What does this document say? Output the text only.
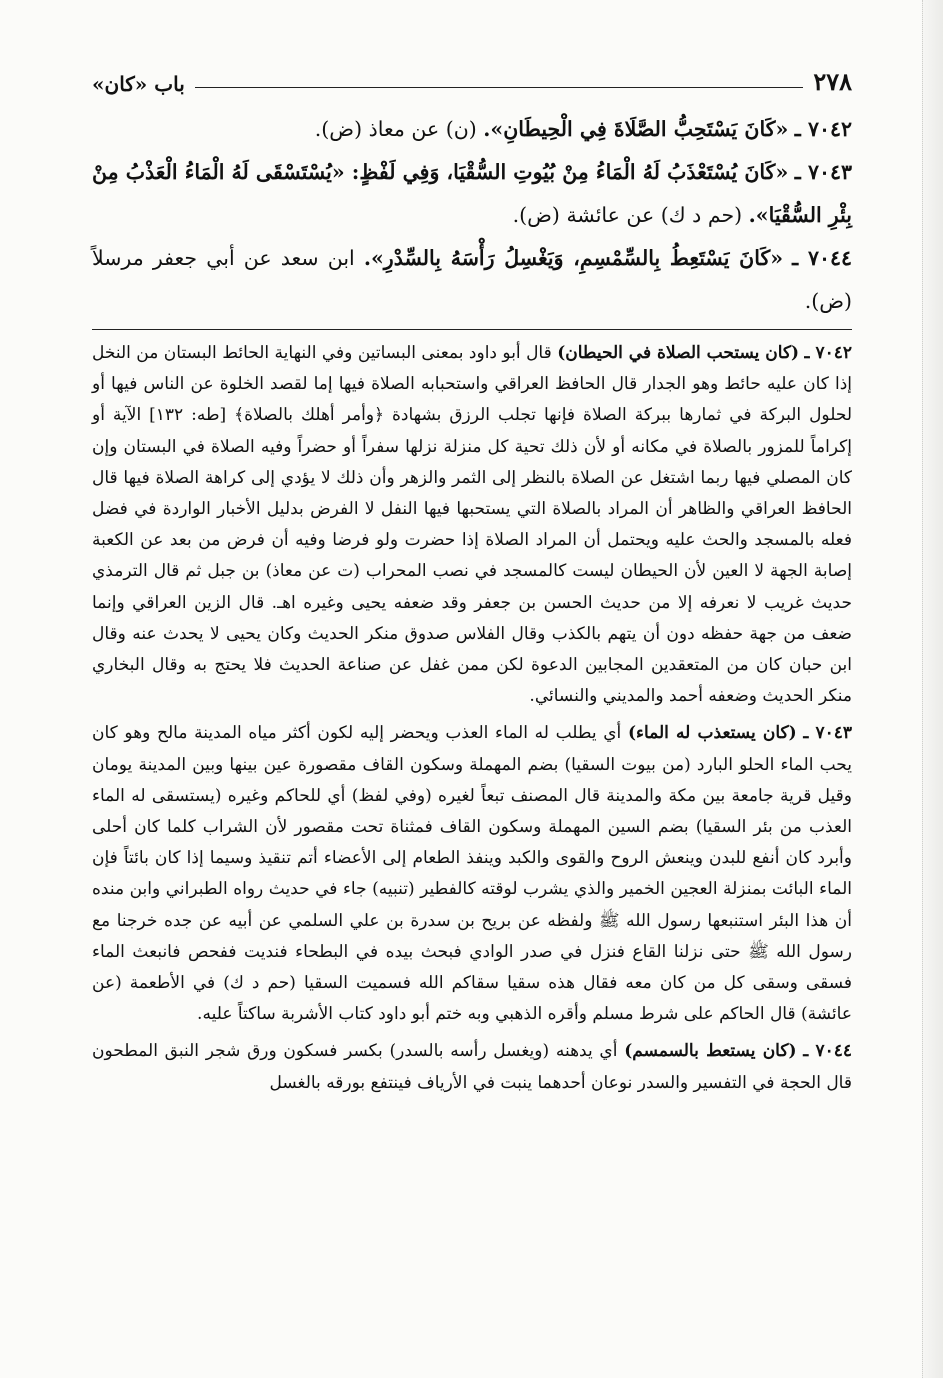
٢٧٨
باب «كان»

٧٠٤٢ ـ «كَانَ يَسْتَحِبُّ الصَّلَاةَ فِي الْحِيطَانِ». (ن) عن معاذ (ض).

٧٠٤٣ ـ «كَانَ يُسْتَعْذَبُ لَهُ الْمَاءُ مِنْ بُيُوتِ السُّقْيَا، وَفِي لَفْظٍ: «يُسْتَسْقَى لَهُ الْمَاءُ الْعَذْبُ مِنْ بِئْرِ السُّقْيَا». (حم د ك) عن عائشة (ض).

٧٠٤٤ ـ «كَانَ يَسْتَعِطُ بِالسِّمْسِمِ، وَيَغْسِلُ رَأْسَهُ بِالسِّدْرِ». ابن سعد عن أبي جعفر مرسلاً (ض).

٧٠٤٢ ـ (كان يستحب الصلاة في الحيطان) قال أبو داود بمعنى البساتين وفي النهاية الحائط البستان من النخل إذا كان عليه حائط وهو الجدار قال الحافظ العراقي واستحبابه الصلاة فيها إما لقصد الخلوة عن الناس فيها أو لحلول البركة في ثمارها ببركة الصلاة فإنها تجلب الرزق بشهادة ﴿وأمر أهلك بالصلاة﴾ [طه: ١٣٢] الآية أو إكراماً للمزور بالصلاة في مكانه أو لأن ذلك تحية كل منزلة نزلها سفراً أو حضراً وفيه الصلاة في البستان وإن كان المصلي فيها ربما اشتغل عن الصلاة بالنظر إلى الثمر والزهر وأن ذلك لا يؤدي إلى كراهة الصلاة فيها قال الحافظ العراقي والظاهر أن المراد بالصلاة التي يستحبها فيها النفل لا الفرض بدليل الأخبار الواردة في فضل فعله بالمسجد والحث عليه ويحتمل أن المراد الصلاة إذا حضرت ولو فرضا وفيه أن فرض من بعد عن الكعبة إصابة الجهة لا العين لأن الحيطان ليست كالمسجد في نصب المحراب (ت عن معاذ) بن جبل ثم قال الترمذي حديث غريب لا نعرفه إلا من حديث الحسن بن جعفر وقد ضعفه يحيى وغيره اهـ. قال الزين العراقي وإنما ضعف من جهة حفظه دون أن يتهم بالكذب وقال الفلاس صدوق منكر الحديث وكان يحيى لا يحدث عنه وقال ابن حبان كان من المتعقدين المجابين الدعوة لكن ممن غفل عن صناعة الحديث فلا يحتج به وقال البخاري منكر الحديث وضعفه أحمد والمديني والنسائي.

٧٠٤٣ ـ (كان يستعذب له الماء) أي يطلب له الماء العذب ويحضر إليه لكون أكثر مياه المدينة مالح وهو كان يحب الماء الحلو البارد (من بيوت السقيا) بضم المهملة وسكون القاف مقصورة عين بينها وبين المدينة يومان وقيل قرية جامعة بين مكة والمدينة قال المصنف تبعاً لغيره (وفي لفظ) أي للحاكم وغيره (يستسقى له الماء العذب من بئر السقيا) بضم السين المهملة وسكون القاف فمثناة تحت مقصور لأن الشراب كلما كان أحلى وأبرد كان أنفع للبدن وينعش الروح والقوى والكبد وينفذ الطعام إلى الأعضاء أتم تنقيذ وسيما إذا كان بائتاً فإن الماء البائت بمنزلة العجين الخمير والذي يشرب لوقته كالفطير (تنبيه) جاء في حديث رواه الطبراني وابن منده أن هذا البئر استنبعها رسول الله ﷺ ولفظه عن بريح بن سدرة بن علي السلمي عن أبيه عن جده خرجنا مع رسول الله ﷺ حتى نزلنا القاع فنزل في صدر الوادي فبحث بيده في البطحاء فنديت ففحص فانبعث الماء فسقى وسقى كل من كان معه فقال هذه سقيا سقاكم الله فسميت السقيا (حم د ك) في الأطعمة (عن عائشة) قال الحاكم على شرط مسلم وأقره الذهبي وبه ختم أبو داود كتاب الأشربة ساكتاً عليه.

٧٠٤٤ ـ (كان يستعط بالسمسم) أي يدهنه (ويغسل رأسه بالسدر) بكسر فسكون ورق شجر النبق المطحون قال الحجة في التفسير والسدر نوعان أحدهما ينبت في الأرياف فينتفع بورقه بالغسل
